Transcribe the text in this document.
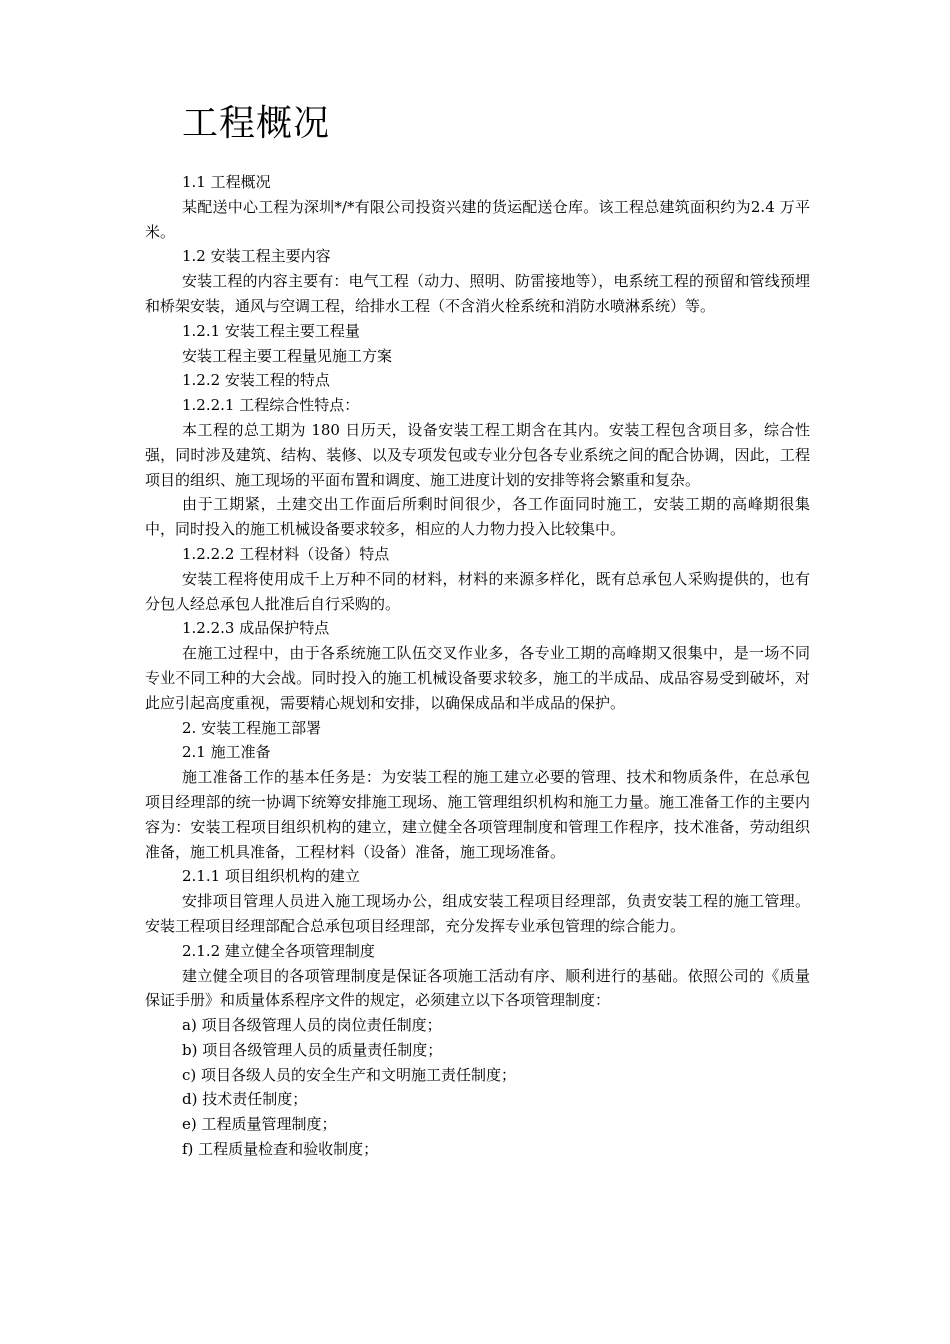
工程概况

1.1 工程概况

某配送中心工程为深圳*/*有限公司投资兴建的货运配送仓库。该工程总建筑面积约为2.4 万平米。

1.2 安装工程主要内容

安装工程的内容主要有：电气工程（动力、照明、防雷接地等），电系统工程的预留和管线预埋和桥架安装，通风与空调工程，给排水工程（不含消火栓系统和消防水喷淋系统）等。

1.2.1 安装工程主要工程量

安装工程主要工程量见施工方案

1.2.2 安装工程的特点

1.2.2.1 工程综合性特点：

本工程的总工期为 180 日历天，设备安装工程工期含在其内。安装工程包含项目多，综合性强，同时涉及建筑、结构、装修、以及专项发包或专业分包各专业系统之间的配合协调，因此，工程项目的组织、施工现场的平面布置和调度、施工进度计划的安排等将会繁重和复杂。

由于工期紧，土建交出工作面后所剩时间很少，各工作面同时施工，安装工期的高峰期很集中，同时投入的施工机械设备要求较多，相应的人力物力投入比较集中。

1.2.2.2 工程材料（设备）特点

安装工程将使用成千上万种不同的材料，材料的来源多样化，既有总承包人采购提供的，也有分包人经总承包人批准后自行采购的。

1.2.2.3 成品保护特点

在施工过程中，由于各系统施工队伍交叉作业多，各专业工期的高峰期又很集中，是一场不同专业不同工种的大会战。同时投入的施工机械设备要求较多，施工的半成品、成品容易受到破坏，对此应引起高度重视，需要精心规划和安排，以确保成品和半成品的保护。

2. 安装工程施工部署

2.1 施工准备

施工准备工作的基本任务是：为安装工程的施工建立必要的管理、技术和物质条件，在总承包项目经理部的统一协调下统筹安排施工现场、施工管理组织机构和施工力量。施工准备工作的主要内容为：安装工程项目组织机构的建立，建立健全各项管理制度和管理工作程序，技术准备，劳动组织准备，施工机具准备，工程材料（设备）准备，施工现场准备。

2.1.1 项目组织机构的建立

安排项目管理人员进入施工现场办公，组成安装工程项目经理部，负责安装工程的施工管理。安装工程项目经理部配合总承包项目经理部，充分发挥专业承包管理的综合能力。

2.1.2 建立健全各项管理制度

建立健全项目的各项管理制度是保证各项施工活动有序、顺利进行的基础。依照公司的《质量保证手册》和质量体系程序文件的规定，必须建立以下各项管理制度：

a) 项目各级管理人员的岗位责任制度；

b) 项目各级管理人员的质量责任制度；

c) 项目各级人员的安全生产和文明施工责任制度；

d) 技术责任制度；

e) 工程质量管理制度；

f) 工程质量检查和验收制度；
